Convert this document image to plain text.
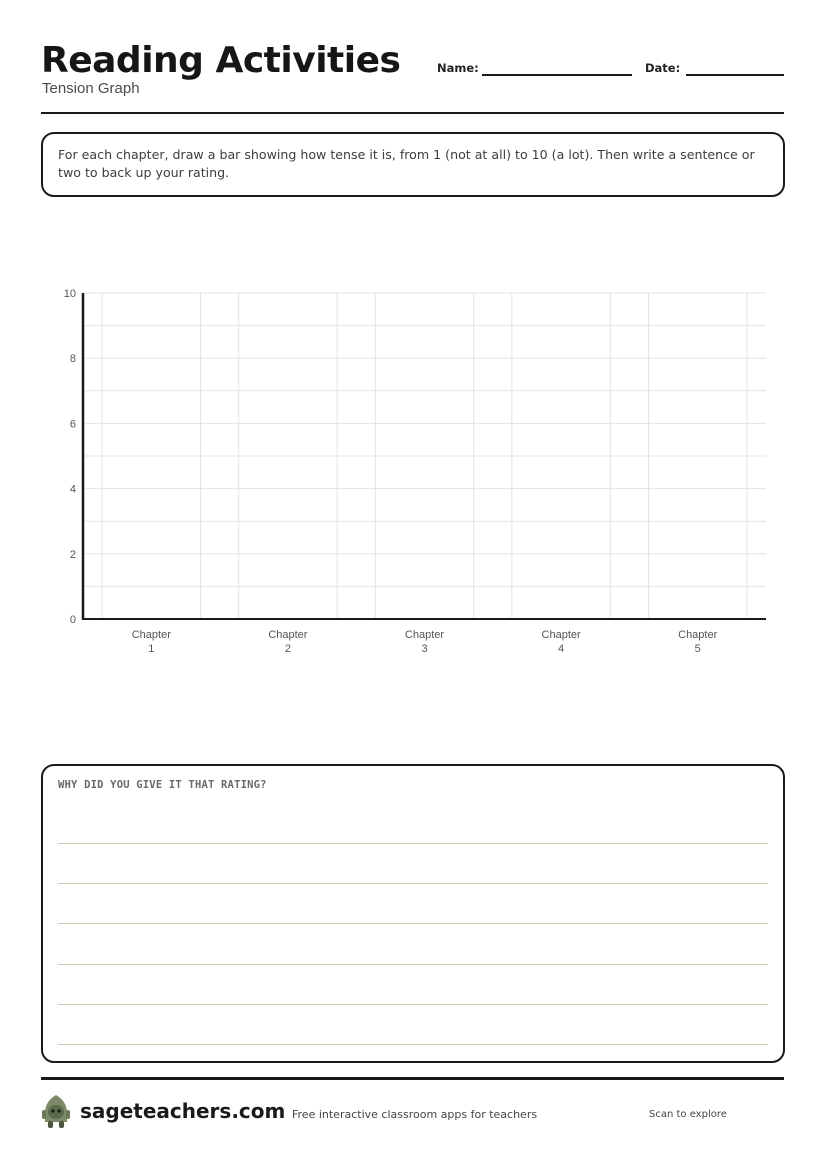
Reading Activities
Tension Graph
Name:	Date:
For each chapter, draw a bar showing how tense it is, from 1 (not at all) to 10 (a lot). Then write a sentence or two to back up your rating.
0
2
4
6
8
10
Chapter
1
Chapter
2
Chapter
3
Chapter
4
Chapter
5
WHY DID YOU GIVE IT THAT RATING?
sageteachers.com Free interactive classroom apps for teachers	Scan to explore
